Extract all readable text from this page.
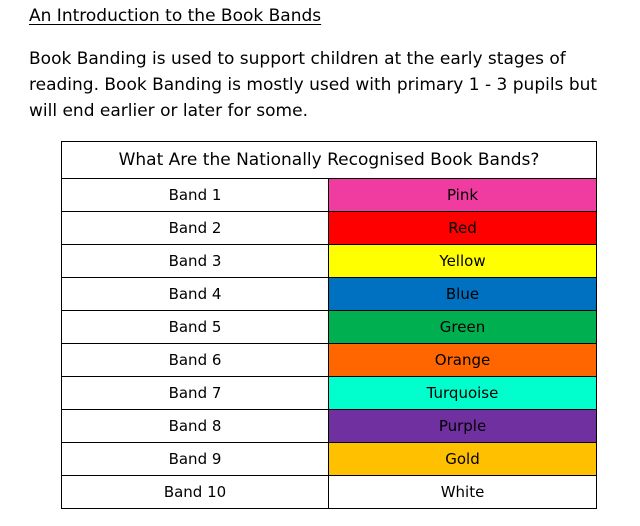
An Introduction to the Book Bands

Book Banding is used to support children at the early stages of

reading. Book Banding is mostly used with primary 1 - 3 pupils but

will end earlier or later for some.

What Are the Nationally Recognised Book Bands?	
Band 1	Pink
Band 2	Red
Band 3	Yellow
Band 4	Blue
Band 5	Green
Band 6	Orange
Band 7	Turquoise
Band 8	Purple
Band 9	Gold
Band 10	White
